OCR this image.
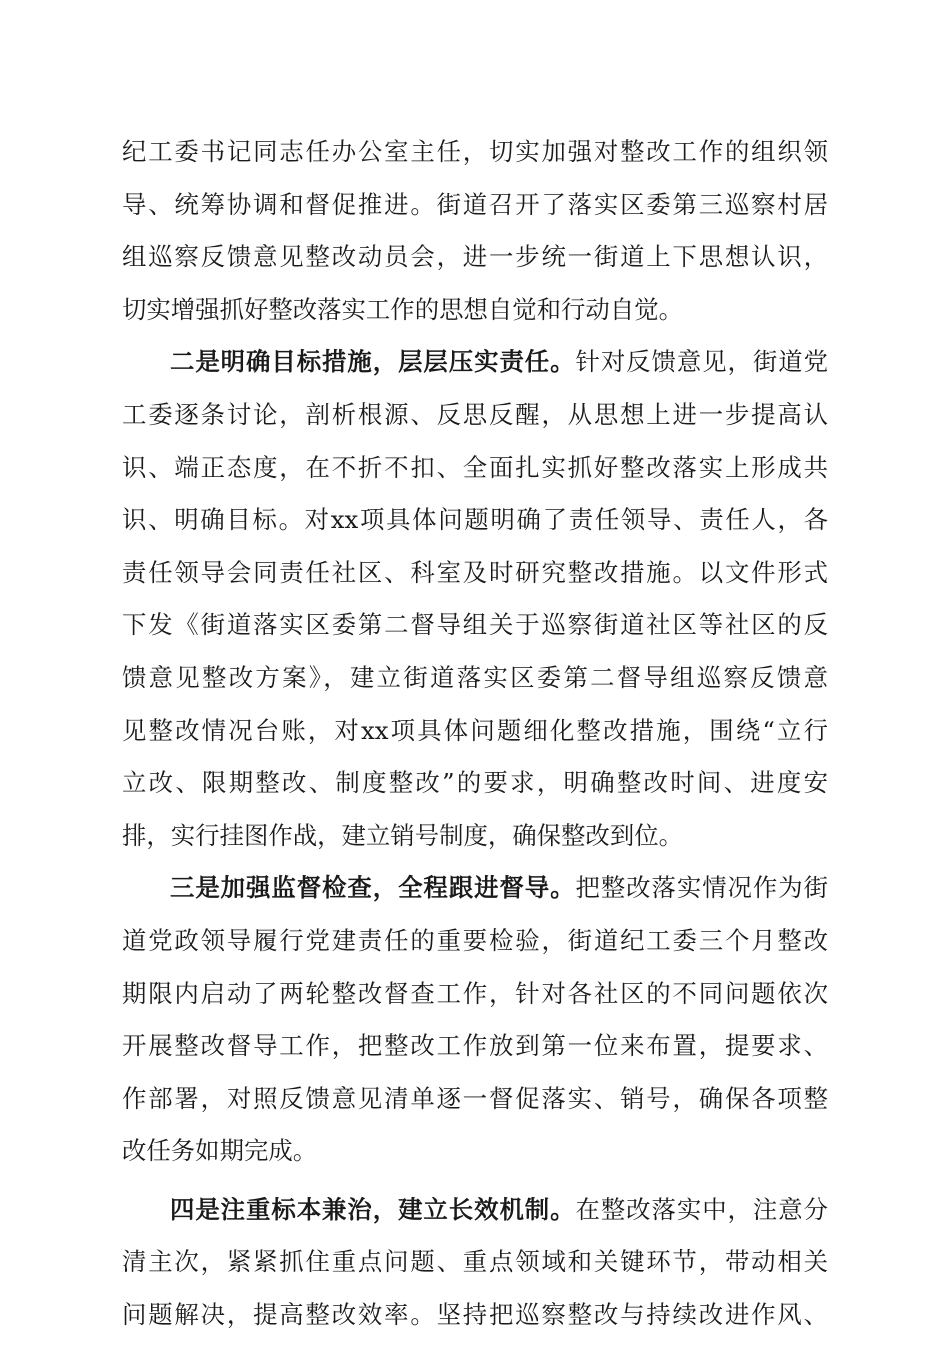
纪工委书记同志任办公室主任，切实加强对整改工作的组织领
导、统筹协调和督促推进。街道召开了落实区委第三巡察村居
组巡察反馈意见整改动员会，进一步统一街道上下思想认识，
切实增强抓好整改落实工作的思想自觉和行动自觉。
二是明确目标措施，层层压实责任。针对反馈意见，街道党
工委逐条讨论，剖析根源、反思反醒，从思想上进一步提高认
识、端正态度，在不折不扣、全面扎实抓好整改落实上形成共
识、明确目标。对xx项具体问题明确了责任领导、责任人，各
责任领导会同责任社区、科室及时研究整改措施。以文件形式
下发《街道落实区委第二督导组关于巡察街道社区等社区的反
馈意见整改方案》，建立街道落实区委第二督导组巡察反馈意
见整改情况台账，对xx项具体问题细化整改措施，围绕“立行
立改、限期整改、制度整改”的要求，明确整改时间、进度安
排，实行挂图作战，建立销号制度，确保整改到位。
三是加强监督检查，全程跟进督导。把整改落实情况作为街
道党政领导履行党建责任的重要检验，街道纪工委三个月整改
期限内启动了两轮整改督查工作，针对各社区的不同问题依次
开展整改督导工作，把整改工作放到第一位来布置，提要求、
作部署，对照反馈意见清单逐一督促落实、销号，确保各项整
改任务如期完成。
四是注重标本兼治，建立长效机制。在整改落实中，注意分
清主次，紧紧抓住重点问题、重点领域和关键环节，带动相关
问题解决，提高整改效率。坚持把巡察整改与持续改进作风、
